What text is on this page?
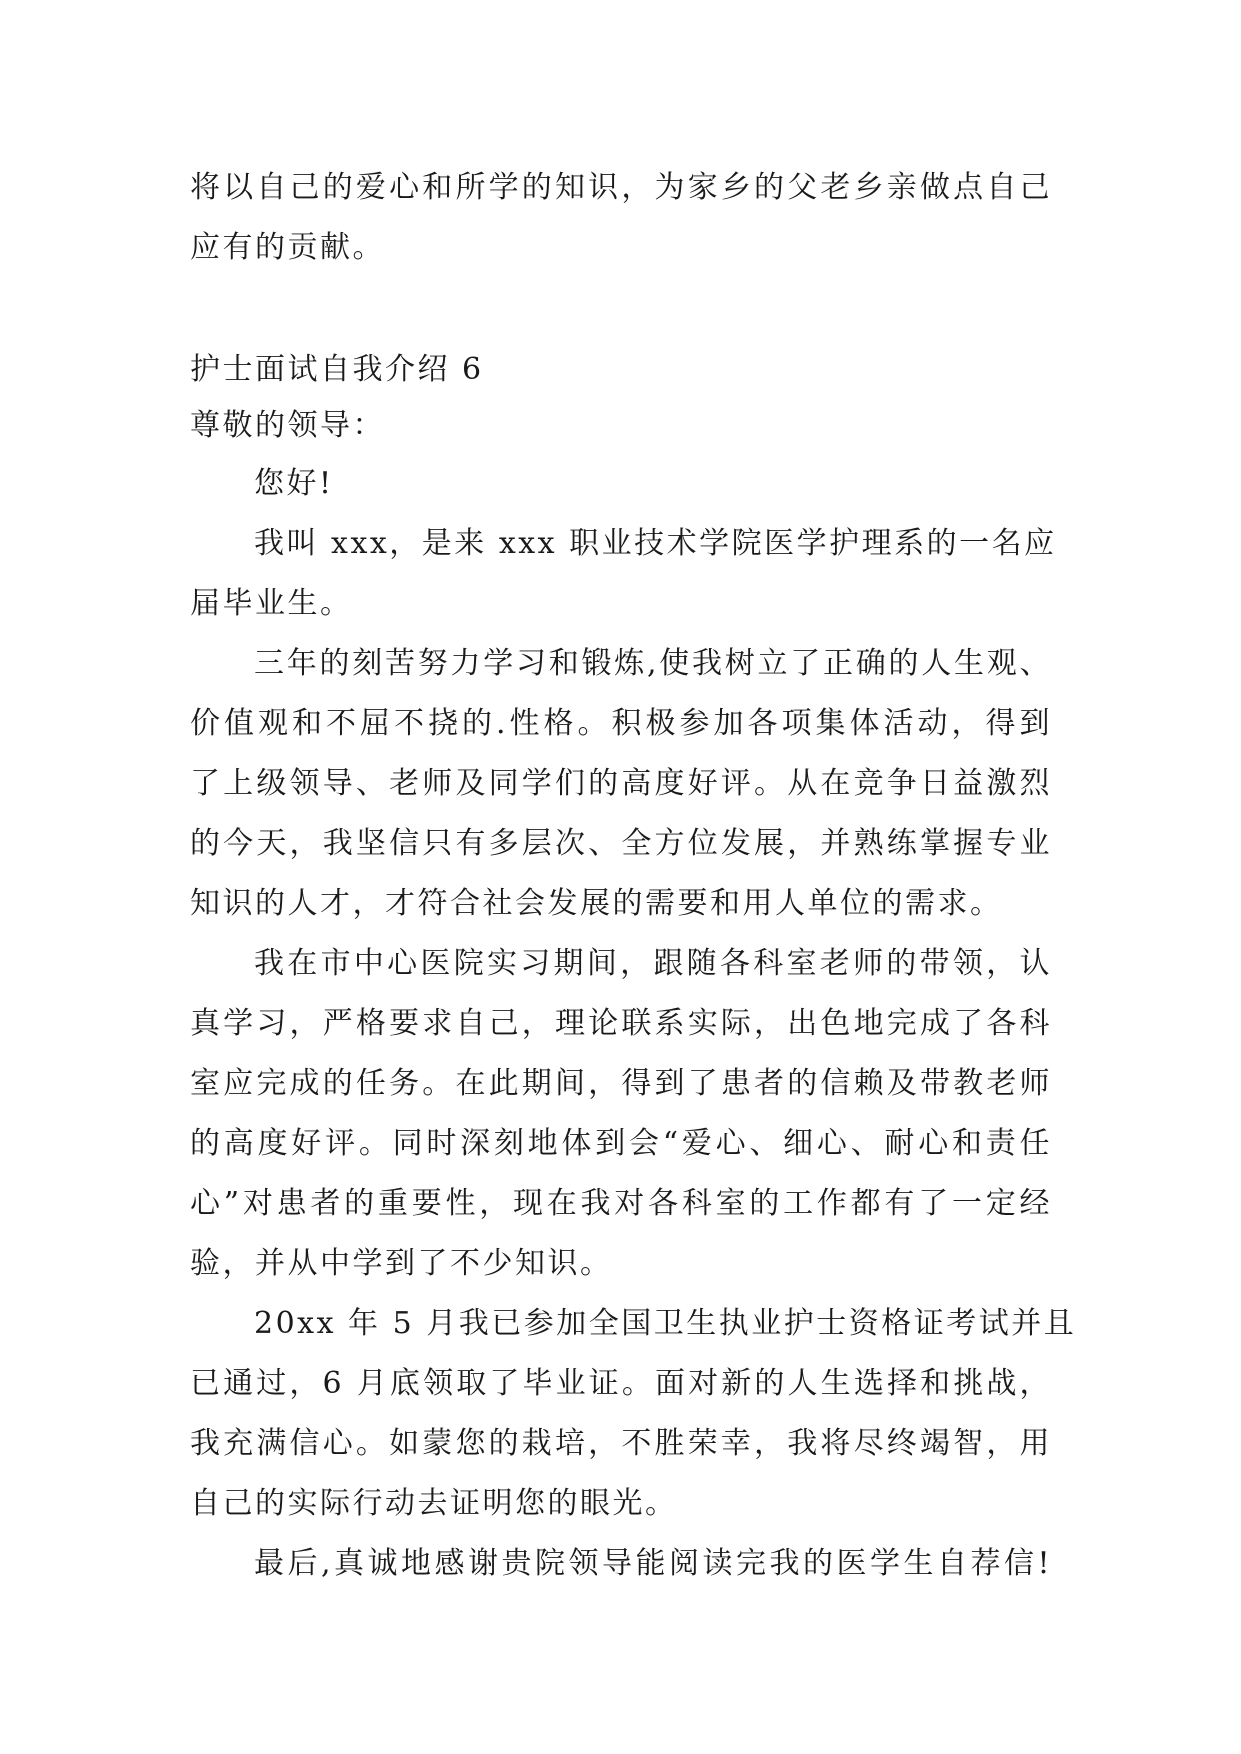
将以自己的爱心和所学的知识，为家乡的父老乡亲做点自己
应有的贡献。
护士面试自我介绍 6
尊敬的领导：
您好!
我叫 xxx，是来 xxx 职业技术学院医学护理系的一名应
届毕业生。
三年的刻苦努力学习和锻炼,使我树立了正确的人生观、
价值观和不屈不挠的.性格。积极参加各项集体活动，得到
了上级领导、老师及同学们的高度好评。从在竞争日益激烈
的今天，我坚信只有多层次、全方位发展，并熟练掌握专业
知识的人才，才符合社会发展的需要和用人单位的需求。
我在市中心医院实习期间，跟随各科室老师的带领，认
真学习，严格要求自己，理论联系实际，出色地完成了各科
室应完成的任务。在此期间，得到了患者的信赖及带教老师
的高度好评。同时深刻地体到会“爱心、细心、耐心和责任
心”对患者的重要性，现在我对各科室的工作都有了一定经
验，并从中学到了不少知识。
20xx 年 5 月我已参加全国卫生执业护士资格证考试并且
已通过，6 月底领取了毕业证。面对新的人生选择和挑战，
我充满信心。如蒙您的栽培，不胜荣幸，我将尽终竭智，用
自己的实际行动去证明您的眼光。
最后,真诚地感谢贵院领导能阅读完我的医学生自荐信!
